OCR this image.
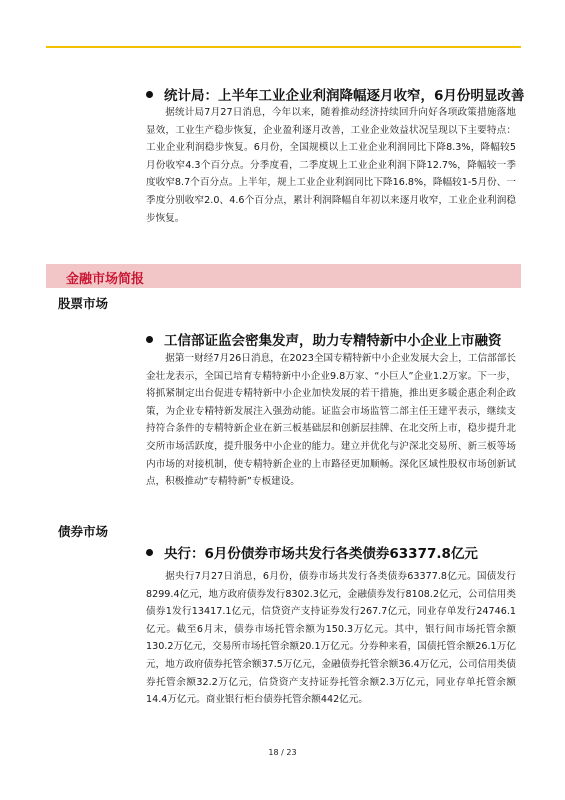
统计局：上半年工业企业利润降幅逐月收窄，6月份明显改善

据统计局7月27日消息，今年以来，随着推动经济持续回升向好各项政策措施落地显效，工业生产稳步恢复，企业盈利逐月改善，工业企业效益状况呈现以下主要特点：工业企业利润稳步恢复。6月份，全国规模以上工业企业利润同比下降8.3%，降幅较5月份收窄4.3个百分点。分季度看，二季度规上工业企业利润下降12.7%，降幅较一季度收窄8.7个百分点。上半年，规上工业企业利润同比下降16.8%，降幅较1-5月份、一季度分别收窄2.0、4.6个百分点，累计利润降幅自年初以来逐月收窄，工业企业利润稳步恢复。

金融市场简报
股票市场
工信部证监会密集发声，助力专精特新中小企业上市融资

据第一财经7月26日消息，在2023全国专精特新中小企业发展大会上，工信部部长金壮龙表示，全国已培育专精特新中小企业9.8万家、“小巨人”企业1.2万家。下一步，将抓紧制定出台促进专精特新中小企业加快发展的若干措施，推出更多暖企惠企利企政策，为企业专精特新发展注入强劲动能。证监会市场监管二部主任王建平表示，继续支持符合条件的专精特新企业在新三板基础层和创新层挂牌、在北交所上市，稳步提升北交所市场活跃度，提升服务中小企业的能力。建立并优化与沪深北交易所、新三板等场内市场的对接机制，使专精特新企业的上市路径更加顺畅。深化区域性股权市场创新试点，积极推动“专精特新”专板建设。

债券市场
央行：6月份债券市场共发行各类债券63377.8亿元

据央行7月27日消息，6月份，债券市场共发行各类债券63377.8亿元。国债发行8299.4亿元，地方政府债券发行8302.3亿元，金融债券发行8108.2亿元，公司信用类债券1发行13417.1亿元，信贷资产支持证券发行267.7亿元，同业存单发行24746.1亿元。截至6月末，债券市场托管余额为150.3万亿元。其中，银行间市场托管余额130.2万亿元，交易所市场托管余额20.1万亿元。分券种来看，国债托管余额26.1万亿元，地方政府债券托管余额37.5万亿元，金融债券托管余额36.4万亿元，公司信用类债券托管余额32.2万亿元，信贷资产支持证券托管余额2.3万亿元，同业存单托管余额14.4万亿元。商业银行柜台债券托管余额442亿元。

18 / 23
